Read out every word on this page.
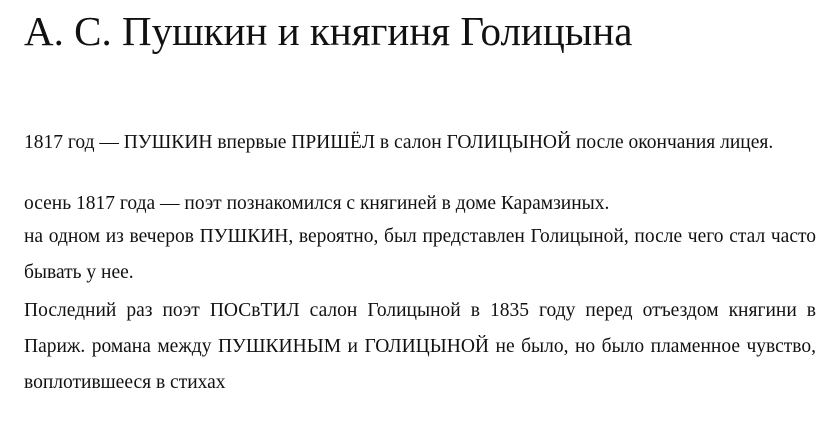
А. С. Пушкин и княгиня Голицына

1817 год — ПУШКИН впервые ПРИШЁЛ в салон ГОЛИЦЫНОЙ после окончания лицея.

осень 1817 года — поэт познакомился с княгиней в доме Карамзиных.

на одном из вечеров ПУШКИН, вероятно, был представлен Голицыной, после чего стал часто бывать у нее.

Последний раз поэт ПОСвТИЛ салон Голицыной в 1835 году перед отъездом княгини в Париж. романа между ПУШКИНЫМ и ГОЛИЦЫНОЙ не было, но было пламенное чувство, воплотившееся в стихах
